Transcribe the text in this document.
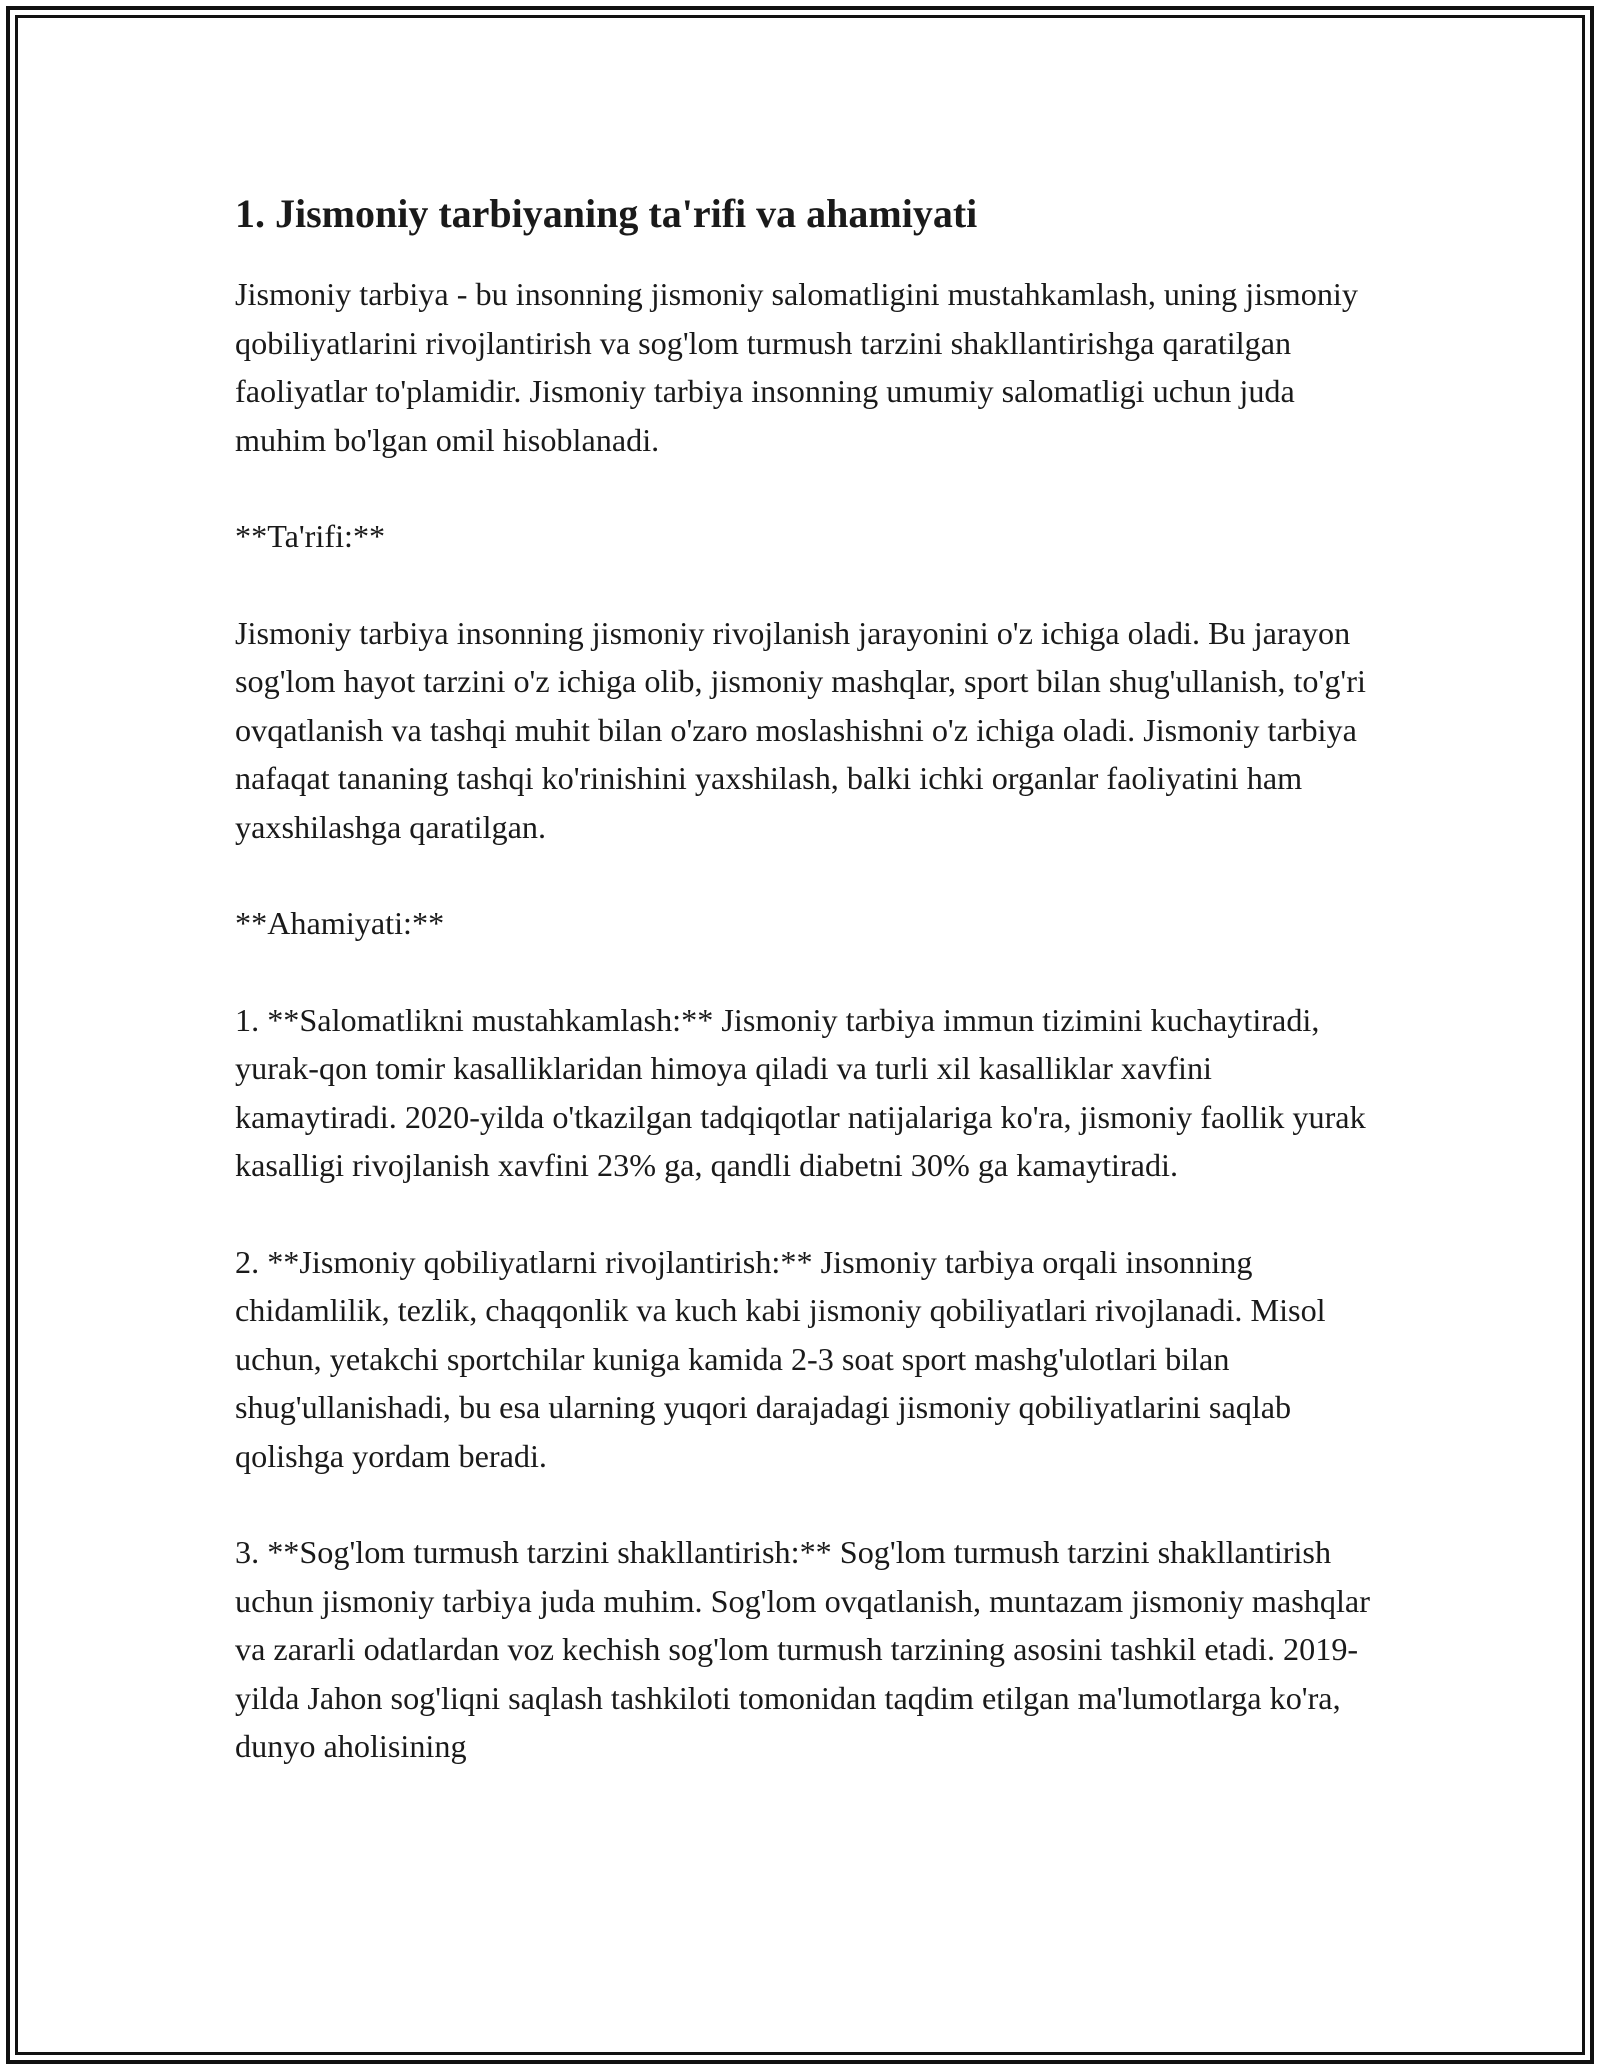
1. Jismoniy tarbiyaning ta'rifi va ahamiyati

Jismoniy tarbiya - bu insonning jismoniy salomatligini mustahkamlash, uning jismoniy qobiliyatlarini rivojlantirish va sog'lom turmush tarzini shakllantirishga qaratilgan faoliyatlar to'plamidir. Jismoniy tarbiya insonning umumiy salomatligi uchun juda muhim bo'lgan omil hisoblanadi.

**Ta'rifi:**

Jismoniy tarbiya insonning jismoniy rivojlanish jarayonini o'z ichiga oladi. Bu jarayon sog'lom hayot tarzini o'z ichiga olib, jismoniy mashqlar, sport bilan shug'ullanish, to'g'ri ovqatlanish va tashqi muhit bilan o'zaro moslashishni o'z ichiga oladi. Jismoniy tarbiya nafaqat tananing tashqi ko'rinishini yaxshilash, balki ichki organlar faoliyatini ham yaxshilashga qaratilgan.

**Ahamiyati:**

1. **Salomatlikni mustahkamlash:** Jismoniy tarbiya immun tizimini kuchaytiradi, yurak-qon tomir kasalliklaridan himoya qiladi va turli xil kasalliklar xavfini kamaytiradi. 2020-yilda o'tkazilgan tadqiqotlar natijalariga ko'ra, jismoniy faollik yurak kasalligi rivojlanish xavfini 23% ga, qandli diabetni 30% ga kamaytiradi.

2. **Jismoniy qobiliyatlarni rivojlantirish:** Jismoniy tarbiya orqali insonning chidamlilik, tezlik, chaqqonlik va kuch kabi jismoniy qobiliyatlari rivojlanadi. Misol uchun, yetakchi sportchilar kuniga kamida 2-3 soat sport mashg'ulotlari bilan shug'ullanishadi, bu esa ularning yuqori darajadagi jismoniy qobiliyatlarini saqlab qolishga yordam beradi.

3. **Sog'lom turmush tarzini shakllantirish:** Sog'lom turmush tarzini shakllantirish uchun jismoniy tarbiya juda muhim. Sog'lom ovqatlanish, muntazam jismoniy mashqlar va zararli odatlardan voz kechish sog'lom turmush tarzining asosini tashkil etadi. 2019-yilda Jahon sog'liqni saqlash tashkiloti tomonidan taqdim etilgan ma'lumotlarga ko'ra, dunyo aholisining
